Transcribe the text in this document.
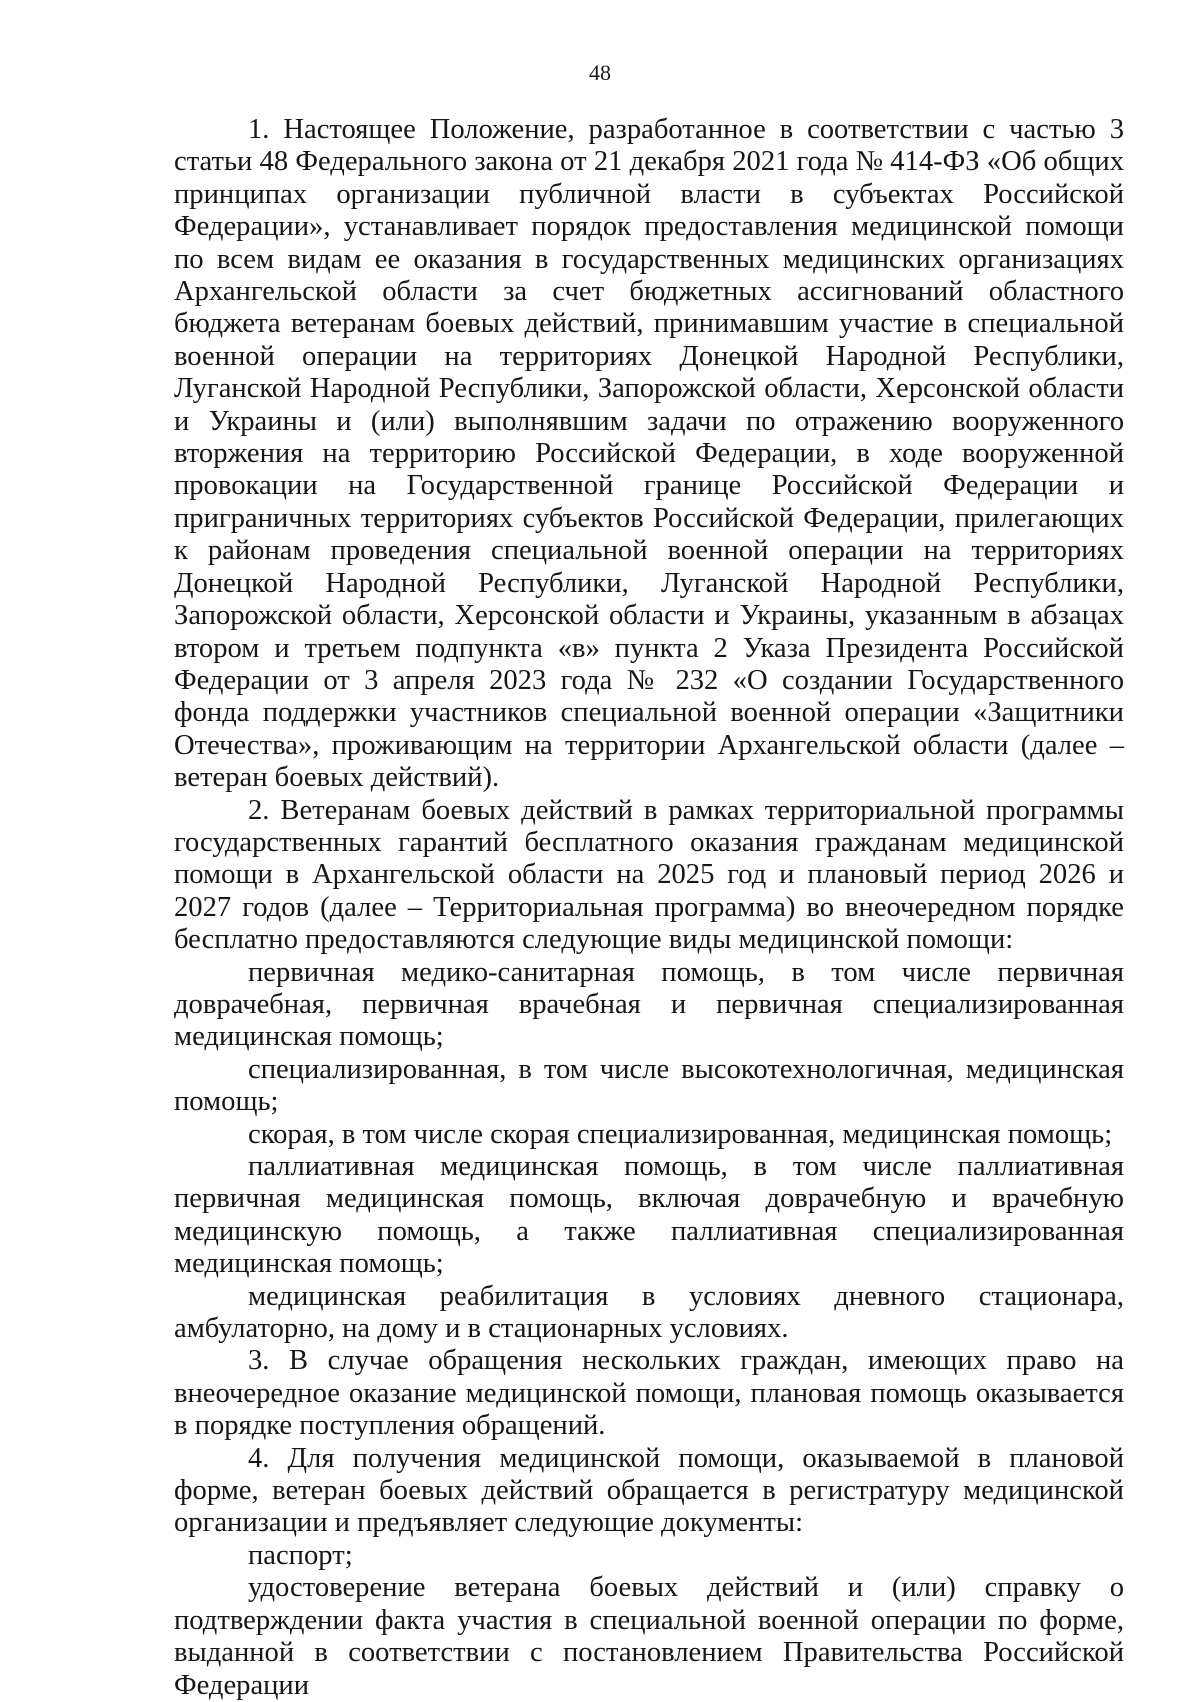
48

1. Настоящее Положение, разработанное в соответствии с частью 3 статьи 48 Федерального закона от 21 декабря 2021 года № 414-ФЗ «Об общих принципах организации публичной власти в субъектах Российской Федерации», устанавливает порядок предоставления медицинской помощи по всем видам ее оказания в государственных медицинских организациях Архангельской области за счет бюджетных ассигнований областного бюджета ветеранам боевых действий, принимавшим участие в специальной военной операции на территориях Донецкой Народной Республики, Луганской Народной Республики, Запорожской области, Херсонской области и Украины и (или) выполнявшим задачи по отражению вооруженного вторжения на территорию Российской Федерации, в ходе вооруженной провокации на Государственной границе Российской Федерации и приграничных территориях субъектов Российской Федерации, прилегающих к районам проведения специальной военной операции на территориях Донецкой Народной Республики, Луганской Народной Республики, Запорожской области, Херсонской области и Украины, указанным в абзацах втором и третьем подпункта «в» пункта 2 Указа Президента Российской Федерации от 3 апреля 2023 года № 232 «О создании Государственного фонда поддержки участников специальной военной операции «Защитники Отечества», проживающим на территории Архангельской области (далее – ветеран боевых действий).

2. Ветеранам боевых действий в рамках территориальной программы государственных гарантий бесплатного оказания гражданам медицинской помощи в Архангельской области на 2025 год и плановый период 2026 и 2027 годов (далее – Территориальная программа) во внеочередном порядке бесплатно предоставляются следующие виды медицинской помощи:

первичная медико-санитарная помощь, в том числе первичная доврачебная, первичная врачебная и первичная специализированная медицинская помощь;

специализированная, в том числе высокотехнологичная, медицинская помощь;

скорая, в том числе скорая специализированная, медицинская помощь;

паллиативная медицинская помощь, в том числе паллиативная первичная медицинская помощь, включая доврачебную и врачебную медицинскую помощь, а также паллиативная специализированная медицинская помощь;

медицинская реабилитация в условиях дневного стационара, амбулаторно, на дому и в стационарных условиях.

3. В случае обращения нескольких граждан, имеющих право на внеочередное оказание медицинской помощи, плановая помощь оказывается в порядке поступления обращений.

4. Для получения медицинской помощи, оказываемой в плановой форме, ветеран боевых действий обращается в регистратуру медицинской организации и предъявляет следующие документы:

паспорт;

удостоверение ветерана боевых действий и (или) справку о подтверждении факта участия в специальной военной операции по форме, выданной в соответствии с постановлением Правительства Российской Федерации
